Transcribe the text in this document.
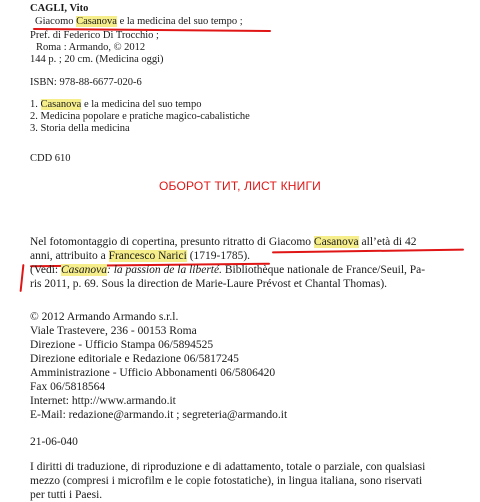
CAGLI, Vito
Giacomo Casanova e la medicina del suo tempo ;
Pref. di Federico Di Trocchio ;
Roma : Armando, © 2012
144 p. ; 20 cm. (Medicina oggi)
ISBN: 978-88-6677-020-6
1. Casanova e la medicina del suo tempo
2. Medicina popolare e pratiche magico-cabalistiche
3. Storia della medicina
CDD 610
ОБОРОТ ТИТ, ЛИСТ КНИГИ
Nel fotomontaggio di copertina, presunto ritratto di Giacomo Casanova all’età di 42
anni, attribuito a Francesco Narici (1719-1785).
(Vedi: Casanova: la passion de la liberté. Bibliothèque nationale de France/Seuil, Pa-
ris 2011, p. 69. Sous la direction de Marie-Laure Prévost et Chantal Thomas).
© 2012 Armando Armando s.r.l.
Viale Trastevere, 236 - 00153 Roma
Direzione - Ufficio Stampa 06/5894525
Direzione editoriale e Redazione 06/5817245
Amministrazione - Ufficio Abbonamenti 06/5806420
Fax 06/5818564
Internet: http://www.armando.it
E-Mail: redazione@armando.it ; segreteria@armando.it
21-06-040
I diritti di traduzione, di riproduzione e di adattamento, totale o parziale, con qualsiasi
mezzo (compresi i microfilm e le copie fotostatiche), in lingua italiana, sono riservati
per tutti i Paesi.
